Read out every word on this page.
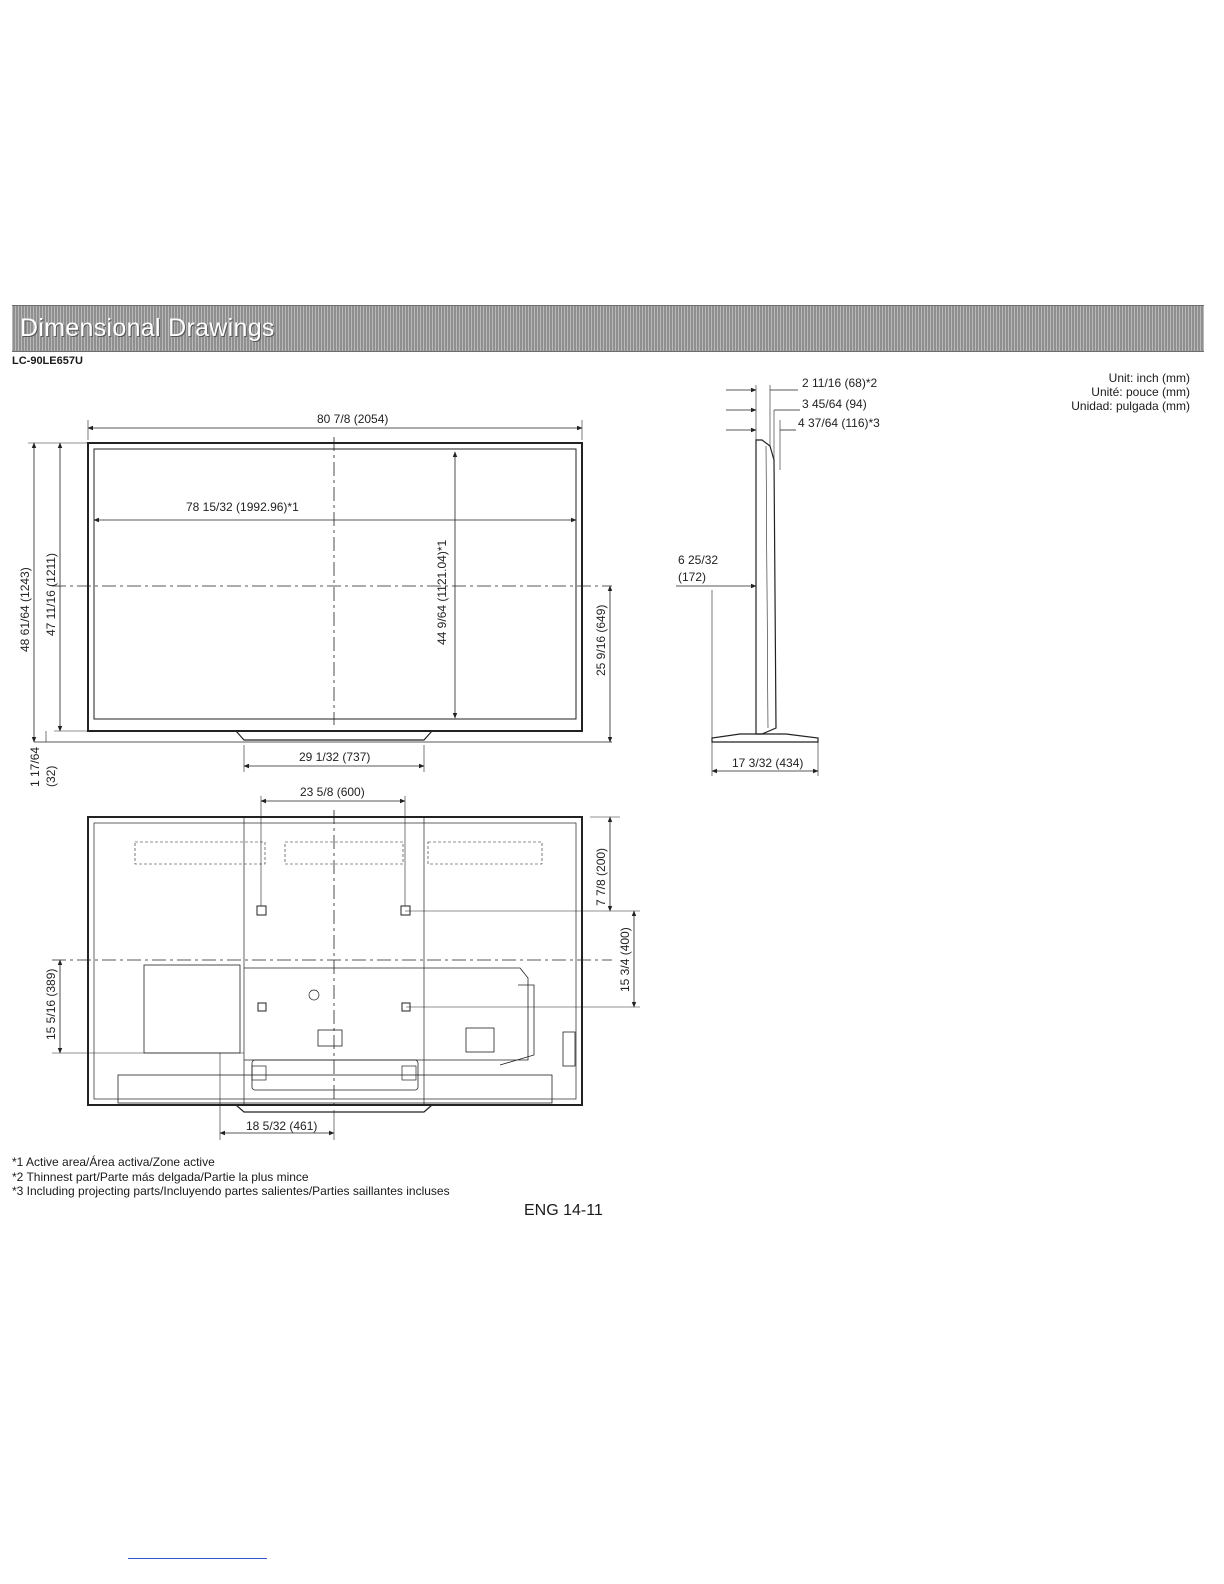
Dimensional Drawings
LC-90LE657U
Unit: inch (mm)
Unité: pouce (mm)
Unidad: pulgada (mm)
80 7/8 (2054)
78 15/32 (1992.96)*1
29 1/32 (737)
48 61/64 (1243) 47 11/16 (1211)	44 9/64 (1121.04)*1	25 9/16 (649)
1 17/64 (32)
2 11/16 (68)*2
3 45/64 (94)
4 37/64 (116)*3
6 25/32
(172)
17 3/32 (434)
23 5/8 (600)
7 7/8 (200)
15 3/4 (400)
15 5/16 (389)
18 5/32 (461)
*1 Active area/Área activa/Zone active
*2 Thinnest part/Parte más delgada/Partie la plus mince
*3 Including projecting parts/Incluyendo partes salientes/Parties saillantes incluses
ENG 14-11
